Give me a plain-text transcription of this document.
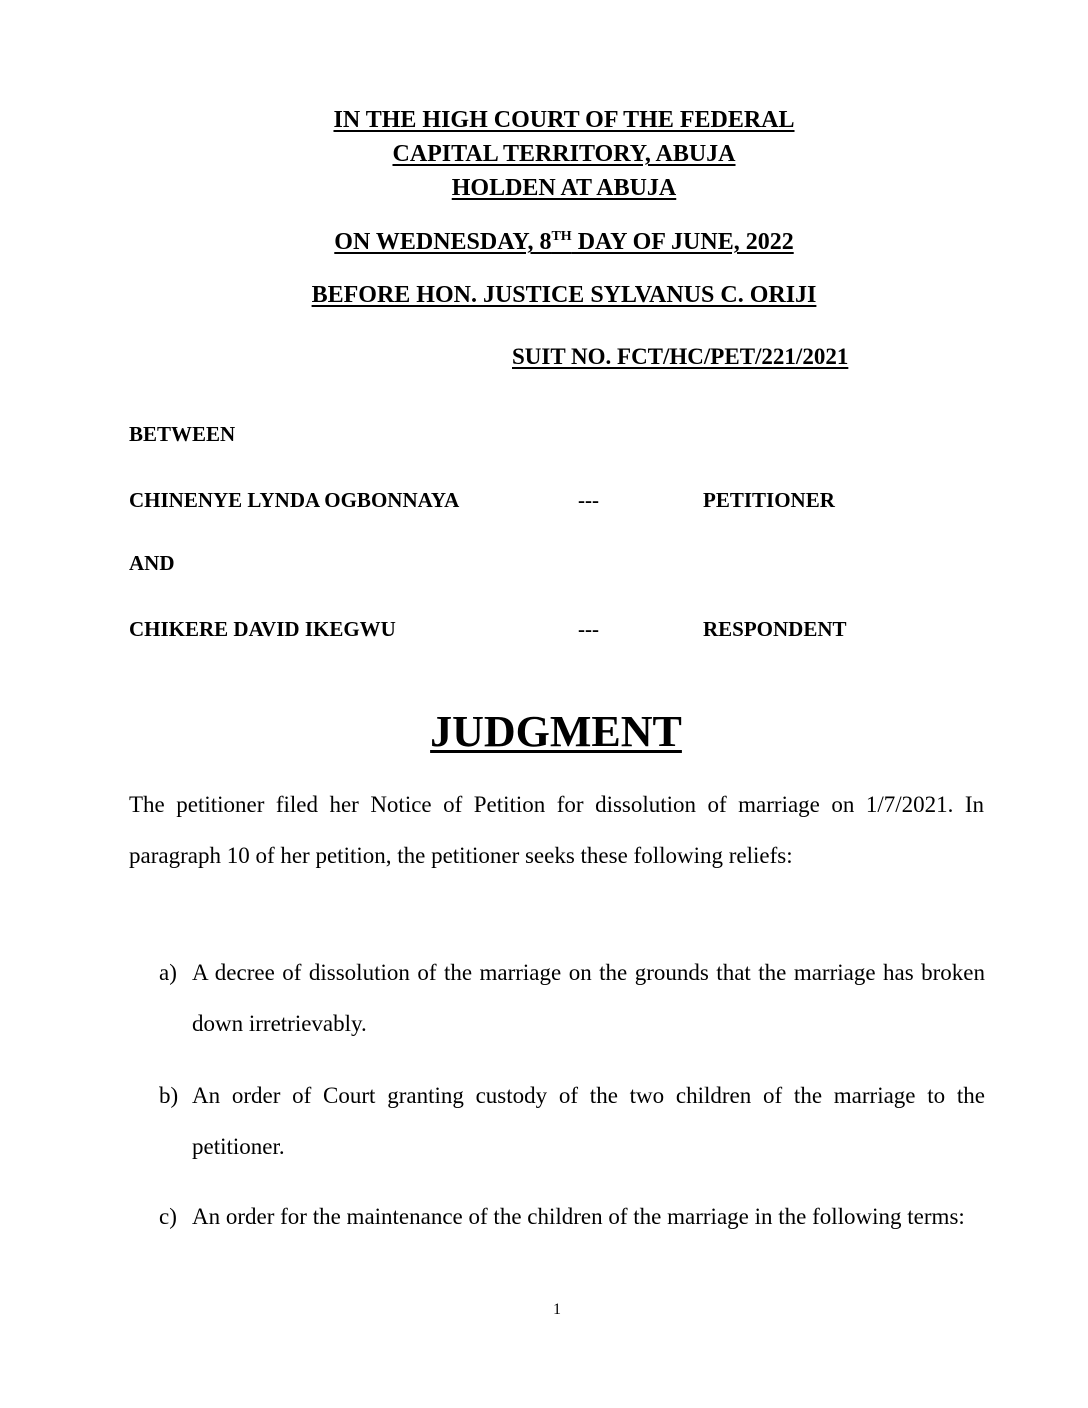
IN THE HIGH COURT OF THE FEDERAL
CAPITAL TERRITORY, ABUJA
HOLDEN AT ABUJA
ON WEDNESDAY, 8TH DAY OF JUNE, 2022
BEFORE HON. JUSTICE SYLVANUS C. ORIJI
SUIT NO. FCT/HC/PET/221/2021
BETWEEN
CHINENYE LYNDA OGBONNAYA	---	PETITIONER
AND
CHIKERE DAVID IKEGWU	---	RESPONDENT
JUDGMENT
The petitioner filed her Notice of Petition for dissolution of marriage on 1/7/2021. In paragraph 10 of her petition, the petitioner seeks these following reliefs:
a) A decree of dissolution of the marriage on the grounds that the marriage has broken down irretrievably.
b) An order of Court granting custody of the two children of the marriage to the petitioner.
c) An order for the maintenance of the children of the marriage in the following terms:
1
